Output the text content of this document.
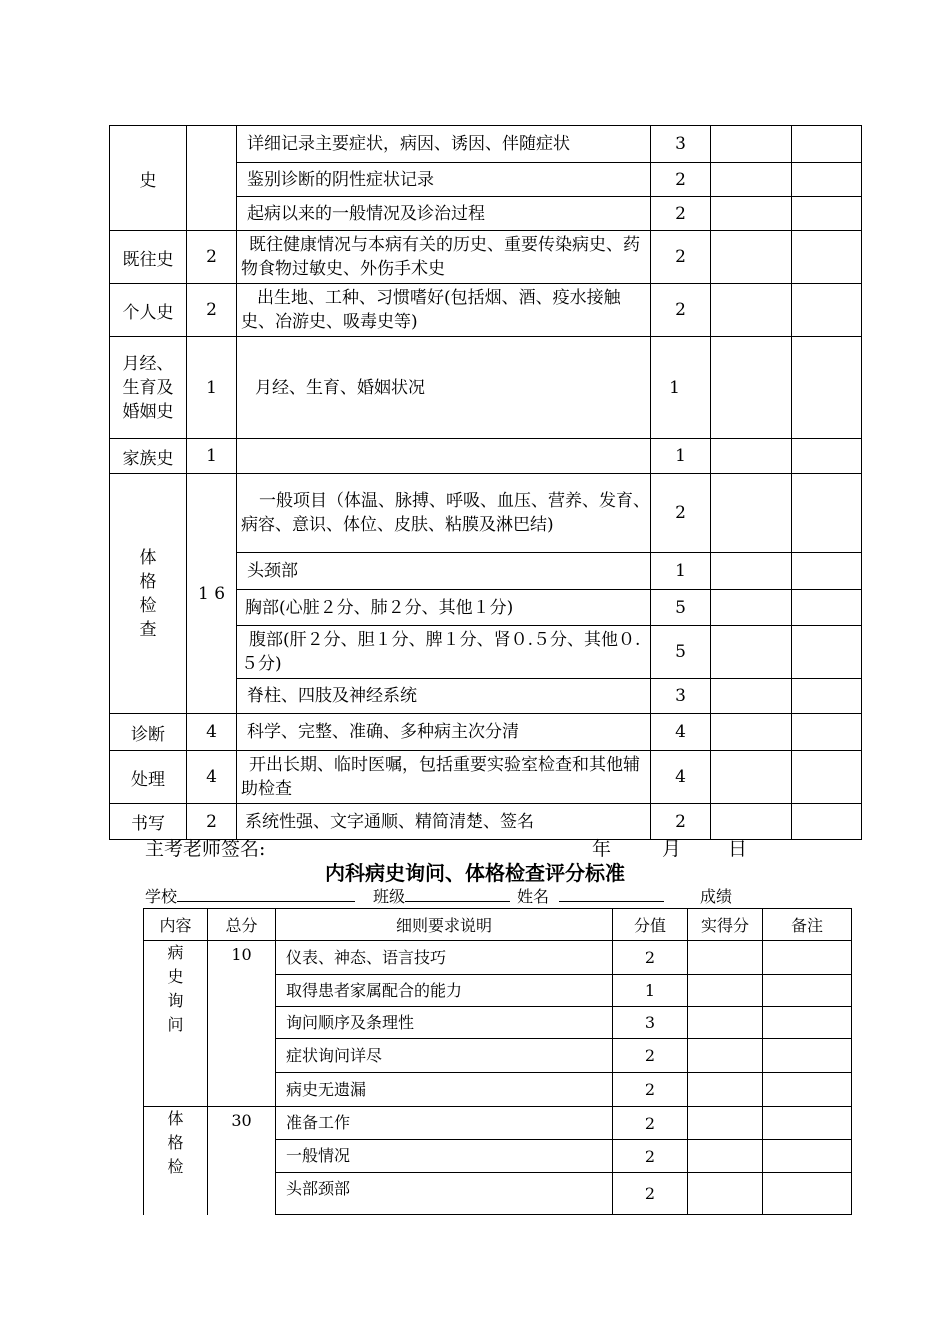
史		详细记录主要症状，病因、诱因、伴随症状	3		
		鉴别诊断的阴性症状记录	2		
		起病以来的一般情况及诊治过程	2		
既往史	2	既往健康情况与本病有关的历史、重要传染病史、药物食物过敏史、外伤手术史	2		
个人史	2	出生地、工种、习惯嗜好(包括烟、酒、疫水接触史、冶游史、吸毒史等)	2		
月经、生育及婚姻史	1	月经、生育、婚姻状况	1		
家族史	1		1		
体格检查	1 6	一般项目（体温、脉搏、呼吸、血压、营养、发育、病容、意识、体位、皮肤、粘膜及淋巴结)	2		
		头颈部	1		
		胸部(心脏２分、肺２分、其他１分)	5		
		腹部(肝２分、胆１分、脾１分、肾０.５分、其他０.５分)	5		
		脊柱、四肢及神经系统	3		
诊断	4	科学、完整、准确、多种病主次分清	4		
处理	4	开出长期、临时医嘱，包括重要实验室检查和其他辅助检查	4		
书写	2	系统性强、文字通顺、精简清楚、签名	2		
主考老师签名:	年	月 日
内科病史询问、体格检查评分标准
学校	班级	姓名	成绩
内容	总分	细则要求说明	分值	实得分	备注
病史询问	10	仪表、神态、语言技巧	2		
		取得患者家属配合的能力	1		
		询问顺序及条理性	3		
		症状询问详尽	2		
		病史无遗漏	2		
体格检	30	准备工作	2		
		一般情况	2		
		头部颈部	2		
